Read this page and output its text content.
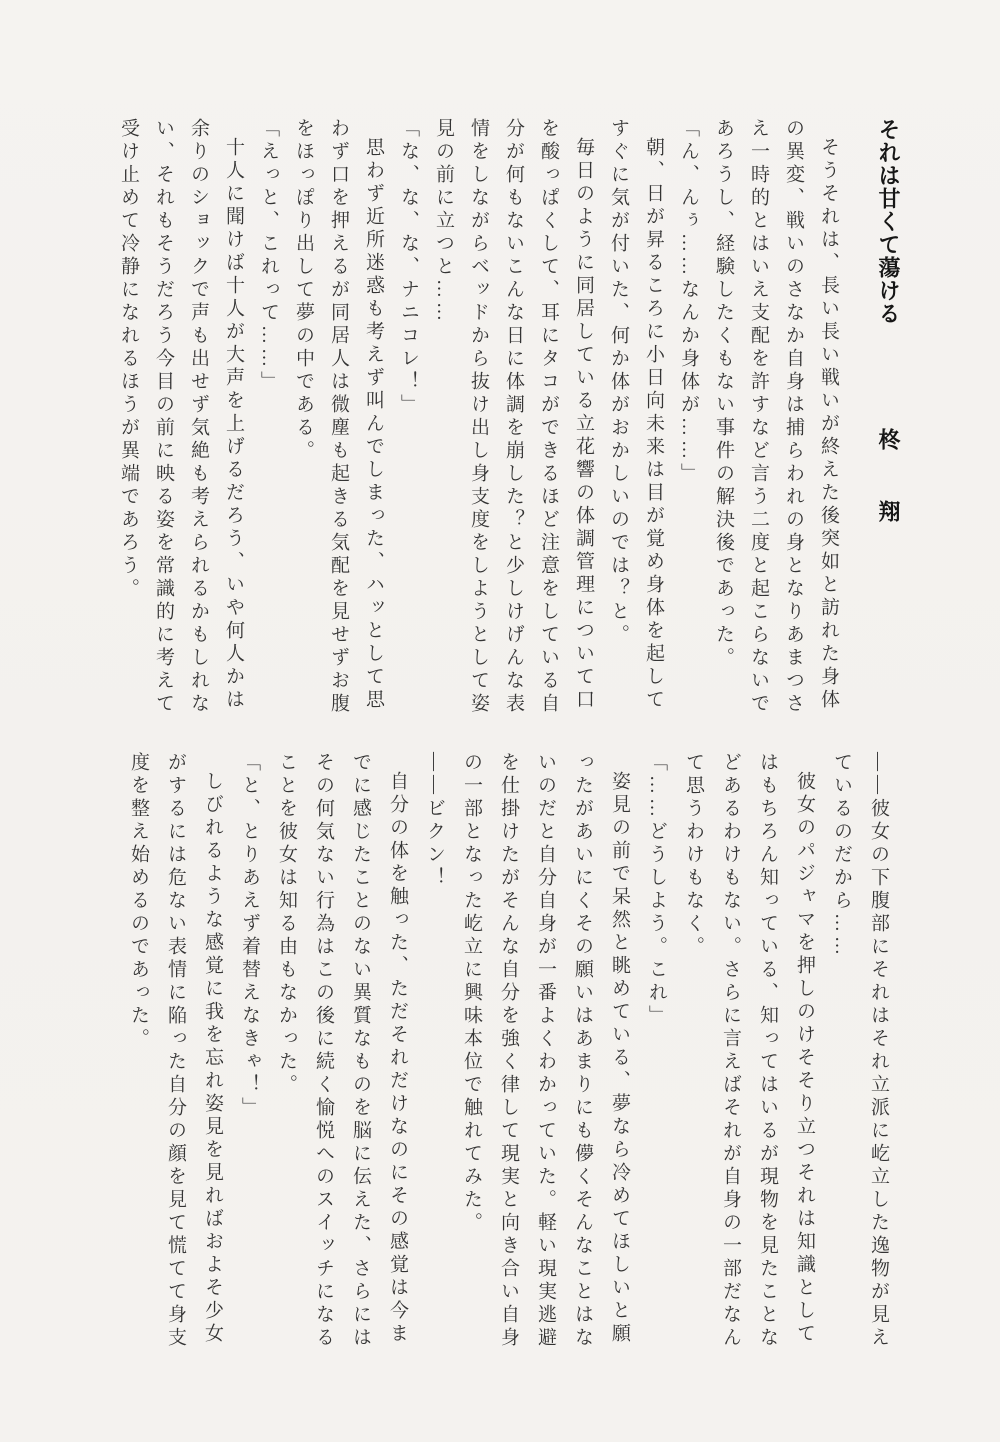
それは甘くて蕩ける 柊　翔

そうそれは、長い長い戦いが終えた後突如と訪れた身体の異変、戦いのさなか自身は捕らわれの身となりあまつさえ一時的とはいえ支配を許すなど言う二度と起こらないであろうし、経験したくもない事件の解決後であった。

「ん、んぅ……なんか身体が……」

朝、日が昇るころに小日向未来は目が覚め身体を起してすぐに気が付いた、何か体がおかしいのでは？と。

毎日のように同居している立花響の体調管理について口を酸っぱくして、耳にタコができるほど注意をしている自分が何もないこんな日に体調を崩した？と少しけげんな表情をしながらベッドから抜け出し身支度をしようとして姿見の前に立つと……

「な、な、な、ナニコレ！」

思わず近所迷惑も考えず叫んでしまった、ハッとして思わず口を押えるが同居人は微塵も起きる気配を見せずお腹をほっぽり出して夢の中である。

「えっと、これって……」

十人に聞けば十人が大声を上げるだろう、いや何人かは余りのショックで声も出せず気絶も考えられるかもしれない、それもそうだろう今目の前に映る姿を常識的に考えて受け止めて冷静になれるほうが異端であろう。

――彼女の下腹部にそれはそれ立派に屹立した逸物が見えているのだから……

彼女のパジャマを押しのけそそり立つそれは知識としてはもちろん知っている、知ってはいるが現物を見たことなどあるわけもない。さらに言えばそれが自身の一部だなんて思うわけもなく。

「……どうしよう。これ」

姿見の前で呆然と眺めている、夢なら冷めてほしいと願ったがあいにくその願いはあまりにも儚くそんなことはないのだと自分自身が一番よくわかっていた。軽い現実逃避を仕掛けたがそんな自分を強く律して現実と向き合い自身の一部となった屹立に興味本位で触れてみた。

――ビクン！

自分の体を触った、ただそれだけなのにその感覚は今までに感じたことのない異質なものを脳に伝えた、さらにはその何気ない行為はこの後に続く愉悦へのスイッチになることを彼女は知る由もなかった。

「と、とりあえず着替えなきゃ！」

しびれるような感覚に我を忘れ姿見を見ればおよそ少女がするには危ない表情に陥った自分の顔を見て慌てて身支度を整え始めるのであった。
